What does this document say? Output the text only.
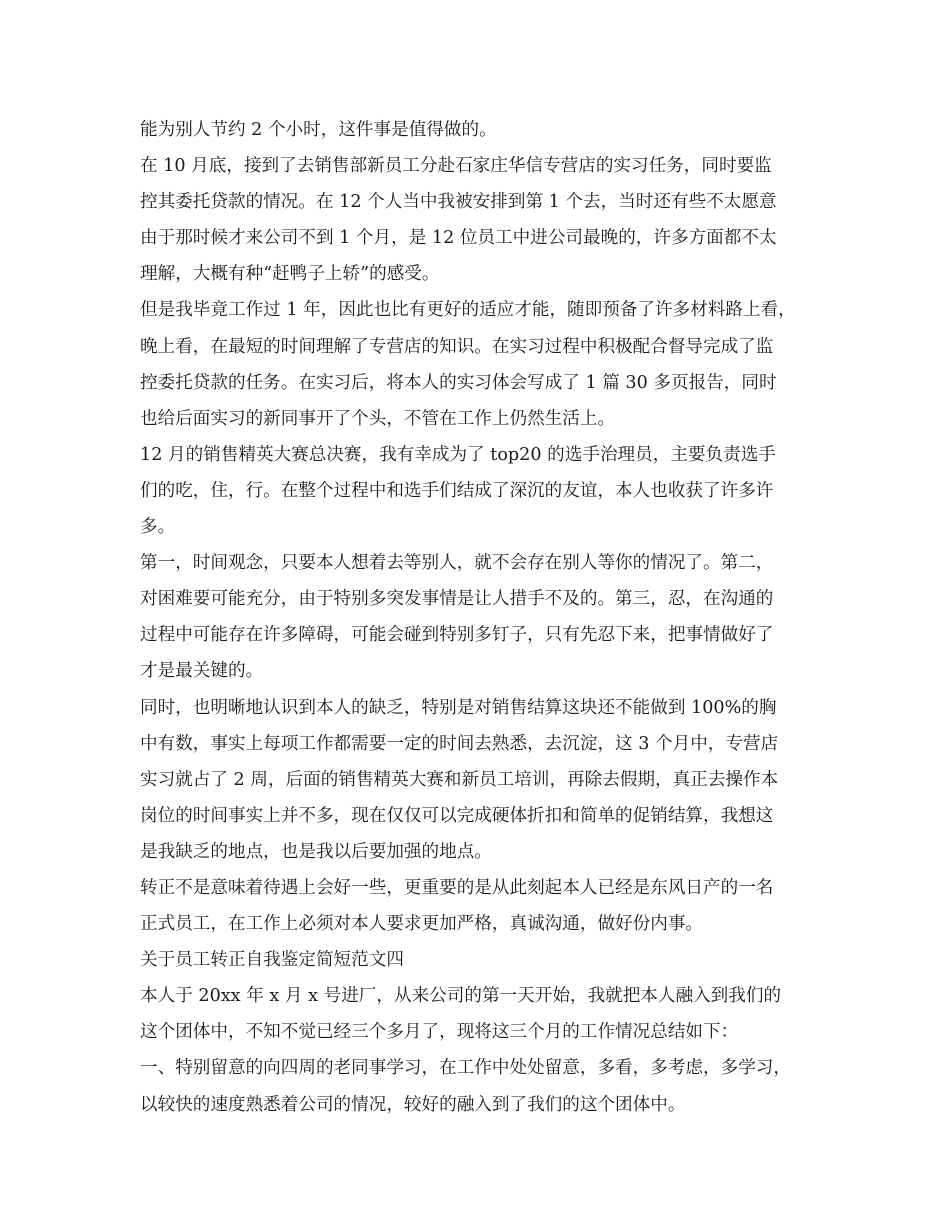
能为别人节约 2 个小时，这件事是值得做的。
在 10 月底，接到了去销售部新员工分赴石家庄华信专营店的实习任务，同时要监
控其委托贷款的情况。在 12 个人当中我被安排到第 1 个去，当时还有些不太愿意
由于那时候才来公司不到 1 个月，是 12 位员工中进公司最晚的，许多方面都不太
理解，大概有种“赶鸭子上轿”的感受。
但是我毕竟工作过 1 年，因此也比有更好的适应才能，随即预备了许多材料路上看，
晚上看，在最短的时间理解了专营店的知识。在实习过程中积极配合督导完成了监
控委托贷款的任务。在实习后，将本人的实习体会写成了 1 篇 30 多页报告，同时
也给后面实习的新同事开了个头，不管在工作上仍然生活上。
12 月的销售精英大赛总决赛，我有幸成为了 top20 的选手治理员，主要负责选手
们的吃，住，行。在整个过程中和选手们结成了深沉的友谊，本人也收获了许多许
多。
第一，时间观念，只要本人想着去等别人，就不会存在别人等你的情况了。第二，
对困难要可能充分，由于特别多突发事情是让人措手不及的。第三，忍，在沟通的
过程中可能存在许多障碍，可能会碰到特别多钉子，只有先忍下来，把事情做好了
才是最关键的。
同时，也明晰地认识到本人的缺乏，特别是对销售结算这块还不能做到 100%的胸
中有数，事实上每项工作都需要一定的时间去熟悉，去沉淀，这 3 个月中，专营店
实习就占了 2 周，后面的销售精英大赛和新员工培训，再除去假期，真正去操作本
岗位的时间事实上并不多，现在仅仅可以完成硬体折扣和简单的促销结算，我想这
是我缺乏的地点，也是我以后要加强的地点。
转正不是意味着待遇上会好一些，更重要的是从此刻起本人已经是东风日产的一名
正式员工，在工作上必须对本人要求更加严格，真诚沟通，做好份内事。
关于员工转正自我鉴定简短范文四
本人于 20xx 年 x 月 x 号进厂，从来公司的第一天开始，我就把本人融入到我们的
这个团体中，不知不觉已经三个多月了，现将这三个月的工作情况总结如下：
一、特别留意的向四周的老同事学习，在工作中处处留意，多看，多考虑，多学习，
以较快的速度熟悉着公司的情况，较好的融入到了我们的这个团体中。
